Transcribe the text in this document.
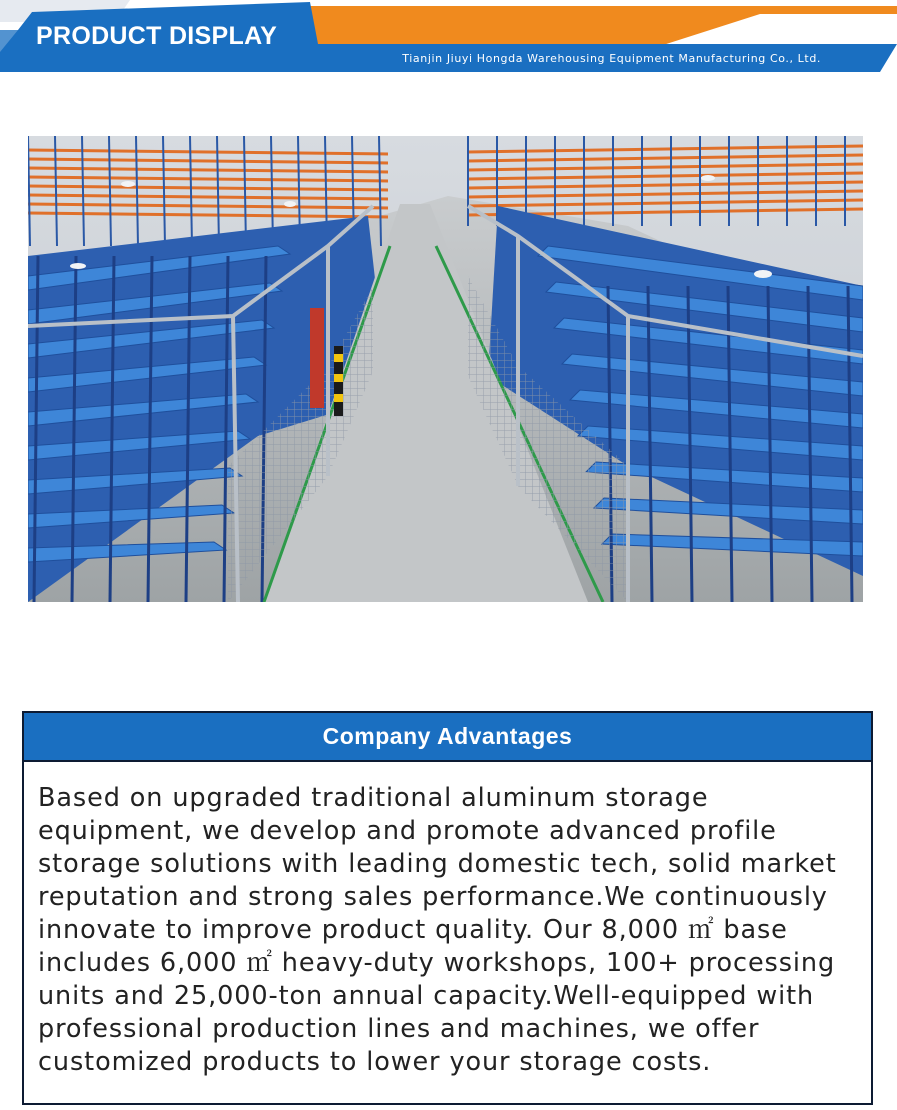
PRODUCT DISPLAY
Tianjin Jiuyi Hongda Warehousing Equipment Manufacturing Co., Ltd.
Company Advantages
Based on upgraded traditional aluminum storage equipment, we develop and promote advanced profile storage solutions with leading domestic tech, solid market reputation and strong sales performance.We continuously innovate to improve product quality. Our 8,000 ㎡ base includes 6,000 ㎡ heavy-duty workshops, 100+ processing units and 25,000-ton annual capacity.Well-equipped with professional production lines and machines, we offer customized products to lower your storage costs.
